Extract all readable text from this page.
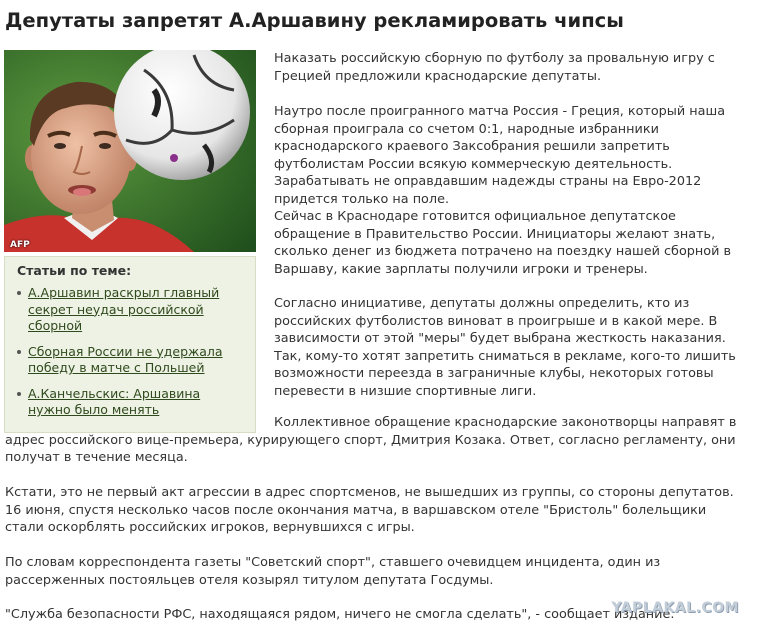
Депутаты запретят А.Аршавину рекламировать чипсы
AFP
Статьи по теме:
А.Аршавин раскрыл главный секрет неудач российской сборной
Сборная России не удержала победу в матче с Польшей
А.Канчельскис: Аршавина нужно было менять

Наказать российскую сборную по футболу за провальную игру с Грецией предложили краснодарские депутаты.

Наутро после проигранного матча Россия - Греция, который наша сборная проиграла со счетом 0:1, народные избранники краснодарского краевого Заксобрания решили запретить футболистам России всякую коммерческую деятельность. Зарабатывать не оправдавшим надежды страны на Евро-2012 придется только на поле.

Сейчас в Краснодаре готовится официальное депутатское обращение в Правительство России. Инициаторы желают знать, сколько денег из бюджета потрачено на поездку нашей сборной в Варшаву, какие зарплаты получили игроки и тренеры.

Согласно инициативе, депутаты должны определить, кто из российских футболистов виноват в проигрыше и в какой мере. В зависимости от этой "меры" будет выбрана жесткость наказания. Так, кому-то хотят запретить сниматься в рекламе, кого-то лишить возможности переезда в заграничные клубы, некоторых готовы перевести в низшие спортивные лиги.

Коллективное обращение краснодарские законотворцы направят в адрес российского вице-премьера, курирующего спорт, Дмитрия Козака. Ответ, согласно регламенту, они получат в течение месяца.

Кстати, это не первый акт агрессии в адрес спортсменов, не вышедших из группы, со стороны депутатов. 16 июня, спустя несколько часов после окончания матча, в варшавском отеле "Бристоль" болельщики стали оскорблять российских игроков, вернувшихся с игры.

По словам корреспондента газеты "Советский спорт", ставшего очевидцем инцидента, один из рассерженных постояльцев отеля козырял титулом депутата Госдумы.

"Служба безопасности РФС, находящаяся рядом, ничего не смогла сделать", - сообщает издание.

YAPLAKAL.COM
